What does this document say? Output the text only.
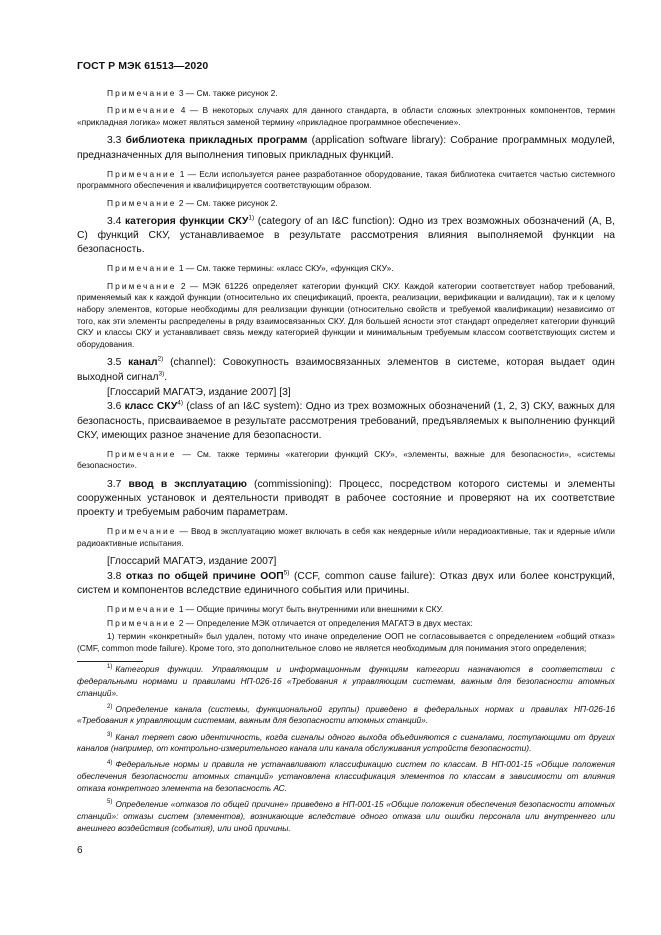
ГОСТ Р МЭК 61513—2020

Примечание 3 — См. также рисунок 2.

Примечание 4 — В некоторых случаях для данного стандарта, в области сложных электронных компонентов, термин «прикладная логика» может являться заменой термину «прикладное программное обеспечение».

3.3 библиотека прикладных программ (application software library): Собрание программных модулей, предназначенных для выполнения типовых прикладных функций.

Примечание 1 — Если используется ранее разработанное оборудование, такая библиотека считается частью системного программного обеспечения и квалифицируется соответствующим образом.

Примечание 2 — См. также рисунок 2.

3.4 категория функции СКУ$^{1)}$ (category of an I&C function): Одно из трех возможных обозначений (A, B, C) функций СКУ, устанавливаемое в результате рассмотрения влияния выполняемой функции на безопасность.

Примечание 1 — См. также термины: «класс СКУ», «функция СКУ».

Примечание 2 — МЭК 61226 определяет категории функций СКУ. Каждой категории соответствует набор требований, применяемый как к каждой функции (относительно их спецификаций, проекта, реализации, верификации и валидации), так и к целому набору элементов, которые необходимы для реализации функции (относительно свойств и требуемой квалификации) независимо от того, как эти элементы распределены в ряду взаимосвязанных СКУ. Для большей ясности этот стандарт определяет категории функций СКУ и классы СКУ и устанавливает связь между категорией функции и минимальным требуемым классом соответствующих систем и оборудования.

3.5 канал$^{2)}$ (channel): Совокупность взаимосвязанных элементов в системе, которая выдает один выходной сигнал$^{3)}$.

[Глоссарий МАГАТЭ, издание 2007] [3]

3.6 класс СКУ$^{4)}$ (class of an I&C system): Одно из трех возможных обозначений (1, 2, 3) СКУ, важных для безопасность, присваиваемое в результате рассмотрения требований, предъявляемых к выполнению функций СКУ, имеющих разное значение для безопасности.

Примечание — См. также термины «категории функций СКУ», «элементы, важные для безопасности», «системы безопасности».

3.7 ввод в эксплуатацию (commissioning): Процесс, посредством которого системы и элементы сооруженных установок и деятельности приводят в рабочее состояние и проверяют на их соответствие проекту и требуемым рабочим параметрам.

Примечание — Ввод в эксплуатацию может включать в себя как неядерные и/или нерадиоактивные, так и ядерные и/или радиоактивные испытания.

[Глоссарий МАГАТЭ, издание 2007]

3.8 отказ по общей причине ООП$^{5)}$ (CCF, common cause failure): Отказ двух или более конструкций, систем и компонентов вследствие единичного события или причины.

Примечание 1 — Общие причины могут быть внутренними или внешними к СКУ.

Примечание 2 — Определение МЭК отличается от определения МАГАТЭ в двух местах:

1) термин «конкретный» был удален, потому что иначе определение ООП не согласовывается с определением «общий отказ» (CMF, common mode failure). Кроме того, это дополнительное слово не является необходимым для понимания этого определения;

$^{1)}$ Категория функции. Управляющим и информационным функциям категории назначаются в соответствии с федеральными нормами и правилами НП-026-16 «Требования к управляющим системам, важным для безопасности атомных станций».

$^{2)}$ Определение канала (системы, функциональной группы) приведено в федеральных нормах и правилах НП-026-16 «Требования к управляющим системам, важным для безопасности атомных станций».

$^{3)}$ Канал теряет свою идентичность, когда сигналы одного выхода объединяются с сигналами, поступающими от других каналов (например, от контрольно-измерительного канала или канала обслуживания устройств безопасности).

$^{4)}$ Федеральные нормы и правила не устанавливают классификацию систем по классам. В НП-001-15 «Общие положения обеспечения безопасности атомных станций» установлена классификация элементов по классам в зависимости от влияния отказа конкретного элемента на безопасность АС.

$^{5)}$ Определение «отказов по общей причине» приведено в НП-001-15 «Общие положения обеспечения безопасности атомных станций»: отказы систем (элементов), возникающие вследствие одного отказа или ошибки персонала или внутреннего или внешнего воздействия (события), или иной причины.

6
